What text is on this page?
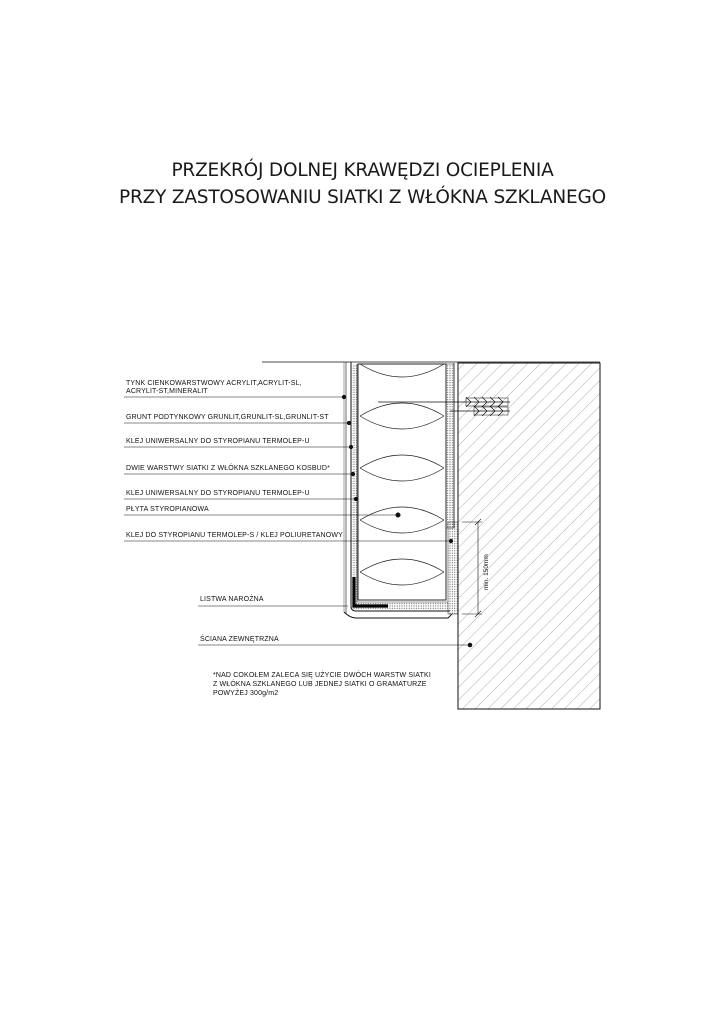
PRZEKRÓJ DOLNEJ KRAWĘDZI OCIEPLENIA
PRZY ZASTOSOWANIU SIATKI Z WŁÓKNA SZKLANEGO
min. 150mm
TYNK CIENKOWARSTWOWY ACRYLIT,ACRYLIT-SL,
ACRYLIT-ST,MINERALIT
GRUNT PODTYNKOWY GRUNLIT,GRUNLIT-SL,GRUNLIT-ST
KLEJ UNIWERSALNY DO STYROPIANU TERMOLEP-U
DWIE WARSTWY SIATKI Z WŁÓKNA SZKLANEGO KOSBUD*
KLEJ UNIWERSALNY DO STYROPIANU TERMOLEP-U
PŁYTA STYROPIANOWA
KLEJ DO STYROPIANU TERMOLEP-S / KLEJ POLIURETANOWY
LISTWA NAROŻNA
ŚCIANA ZEWNĘTRZNA
*NAD COKOŁEM ZALECA SIĘ UŻYCIE DWÓCH WARSTW SIATKI
Z WŁÓKNA SZKLANEGO LUB JEDNEJ SIATKI O GRAMATURZE
POWYŻEJ 300g/m2
